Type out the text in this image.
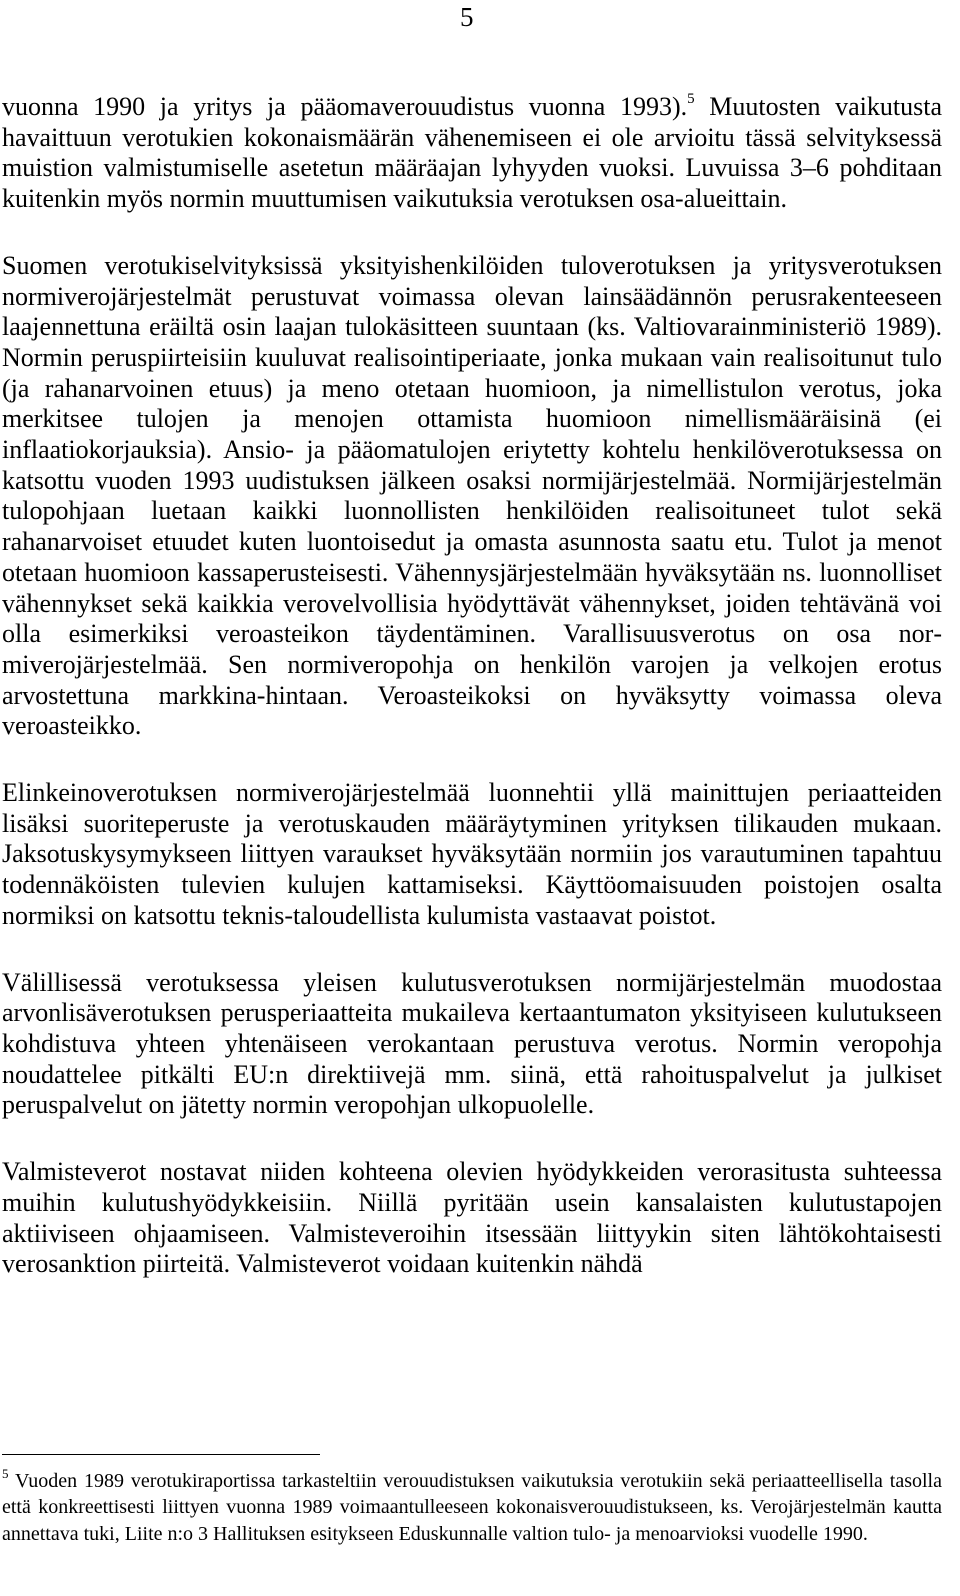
5

vuonna 1990 ja yritys ja pääomaverouudistus vuonna 1993).$^5$ Muutosten vaikutusta havaittuun verotukien kokonaismäärän vähenemiseen ei ole arvioitu tässä selvityksessä muistion valmistumiselle asetetun määräajan lyhyyden vuoksi. Luvuissa 3–6 pohditaan kuitenkin myös normin muuttumisen vaikutuksia verotuksen osa-alueittain.

Suomen verotukiselvityksissä yksityishenkilöiden tuloverotuksen ja yritysverotuksen normiverojärjestelmät perustuvat voimassa olevan lainsäädännön perusrakenteeseen laajennettuna eräiltä osin laajan tulokäsitteen suuntaan (ks. Valtiovarainministeriö 1989). Normin peruspiirteisiin kuuluvat realisointiperiaate, jonka mukaan vain realisoitunut tulo (ja rahanarvoinen etuus) ja meno otetaan huomioon, ja nimellistulon verotus, joka merkitsee tulojen ja menojen ottamista huomioon nimellismääräisinä (ei inflaatiokorjauksia). Ansio- ja pääomatulojen eriytetty kohtelu henkilöverotuksessa on katsottu vuoden 1993 uudistuksen jälkeen osaksi normijärjestelmää. Normijärjestelmän tulopohjaan luetaan kaikki luonnollisten henkilöiden realisoituneet tulot sekä rahanarvoiset etuudet kuten luontoisedut ja omasta asunnosta saatu etu. Tulot ja menot otetaan huomioon kassaperusteisesti. Vähennysjärjestelmään hyväksytään ns. luonnolliset vähennykset sekä kaikkia verovelvollisia hyödyttävät vähennykset, joiden tehtävänä voi olla esimerkiksi veroasteikon täydentäminen. Varallisuusverotus on osa normiverojärjestelmää. Sen normiveropohja on henkilön varojen ja velkojen erotus arvostettuna markkina-hintaan. Veroasteikoksi on hyväksytty voimassa oleva veroasteikko.

Elinkeinoverotuksen normiverojärjestelmää luonnehtii yllä mainittujen periaatteiden lisäksi suoriteperuste ja verotuskauden määräytyminen yrityksen tilikauden mukaan. Jaksotuskysymykseen liittyen varaukset hyväksytään normiin jos varautuminen tapahtuu todennäköisten tulevien kulujen kattamiseksi. Käyttöomaisuuden poistojen osalta normiksi on katsottu teknis-taloudellista kulumista vastaavat poistot.

Välillisessä verotuksessa yleisen kulutusverotuksen normijärjestelmän muodostaa arvonlisäverotuksen perusperiaatteita mukaileva kertaantumaton yksityiseen kulutukseen kohdistuva yhteen yhtenäiseen verokantaan perustuva verotus. Normin veropohja noudattelee pitkälti EU:n direktiivejä mm. siinä, että rahoituspalvelut ja julkiset peruspalvelut on jätetty normin veropohjan ulkopuolelle.

Valmisteverot nostavat niiden kohteena olevien hyödykkeiden verorasitusta suhteessa muihin kulutushyödykkeisiin. Niillä pyritään usein kansalaisten kulutustapojen aktiiviseen ohjaamiseen. Valmisteveroihin itsessään liittyykin siten lähtökohtaisesti verosanktion piirteitä. Valmisteverot voidaan kuitenkin nähdä

$^5$ Vuoden 1989 verotukiraportissa tarkasteltiin verouudistuksen vaikutuksia verotukiin sekä periaatteellisella tasolla että konkreettisesti liittyen vuonna 1989 voimaantulleeseen kokonaisverouudistukseen, ks. Verojärjestelmän kautta annettava tuki, Liite n:o 3 Hallituksen esitykseen Eduskunnalle valtion tulo- ja menoarvioksi vuodelle 1990.
